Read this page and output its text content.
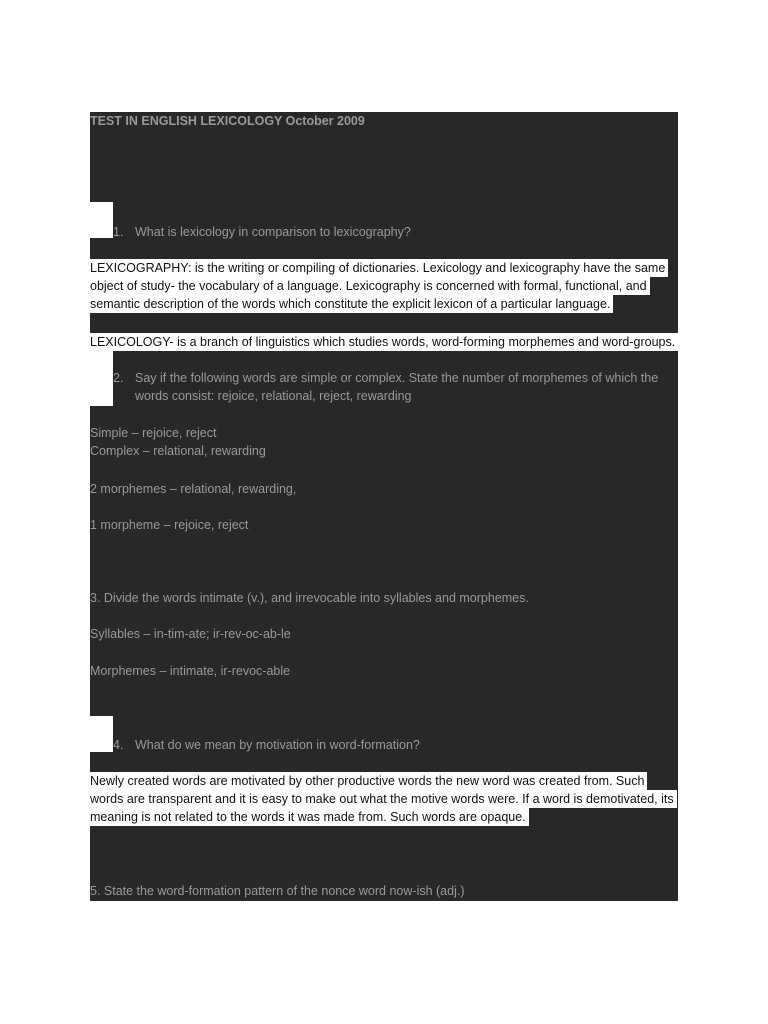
TEST IN ENGLISH LEXICOLOGY October 2009
1. What is lexicology in comparison to lexicography?
LEXICOGRAPHY: is the writing or compiling of dictionaries. Lexicology and lexicography have the same
object of study- the vocabulary of a language. Lexicography is concerned with formal, functional, and
semantic description of the words which constitute the explicit lexicon of a particular language.
LEXICOLOGY- is a branch of linguistics which studies words, word-forming morphemes and word-groups.
2. Say if the following words are simple or complex. State the number of morphemes of which the
words consist: rejoice, relational, reject, rewarding
Simple – rejoice, reject
Complex – relational, rewarding
2 morphemes – relational, rewarding,
1 morpheme – rejoice, reject
3. Divide the words intimate (v.), and irrevocable into syllables and morphemes.
Syllables – in-tim-ate; ir-rev-oc-ab-le
Morphemes – intimate, ir-revoc-able
4. What do we mean by motivation in word-formation?
Newly created words are motivated by other productive words the new word was created from. Such
words are transparent and it is easy to make out what the motive words were. If a word is demotivated, its
meaning is not related to the words it was made from. Such words are opaque.
5. State the word-formation pattern of the nonce word now-ish (adj.)
